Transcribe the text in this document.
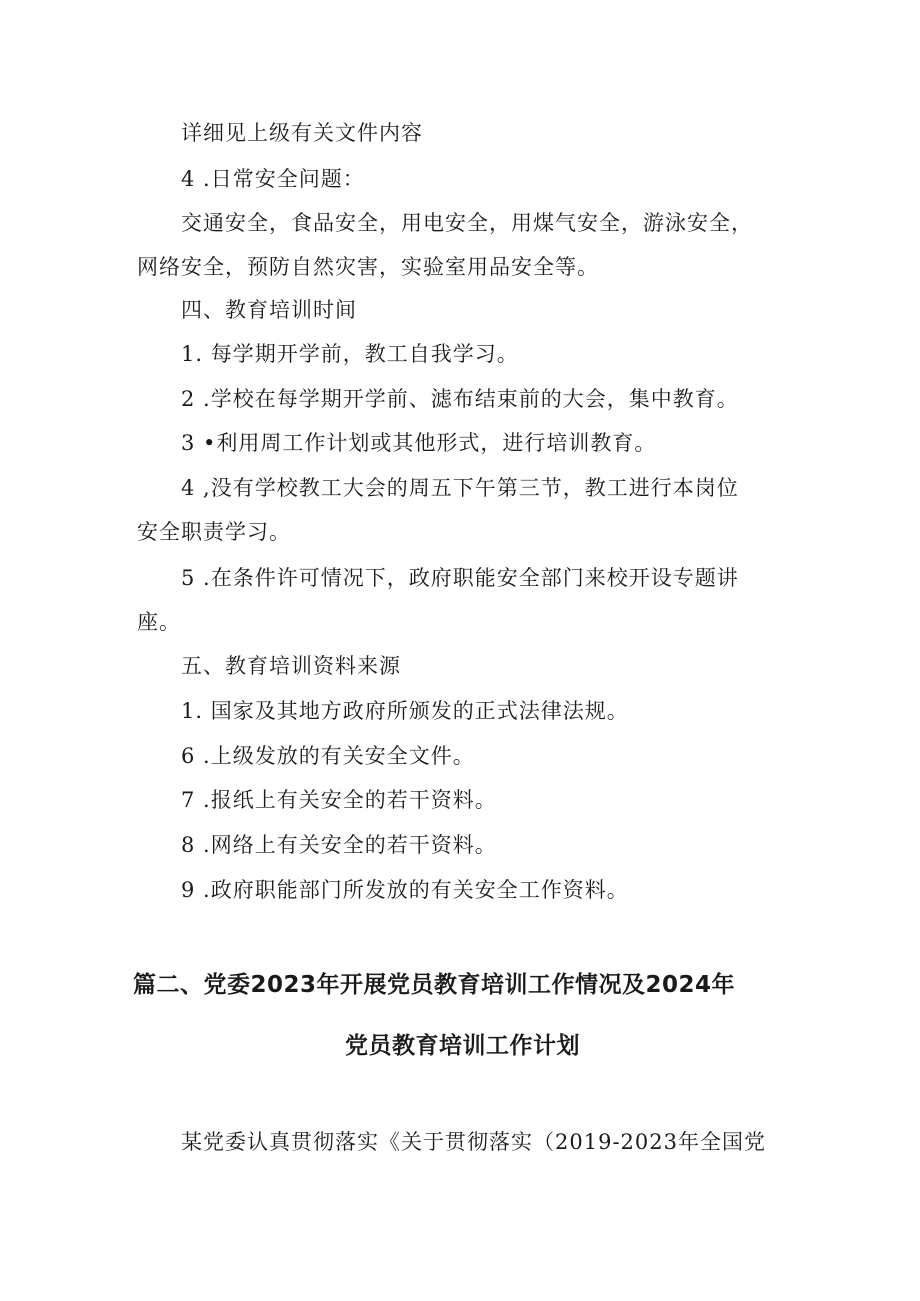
详细见上级有关文件内容
4 .日常安全问题：
交通安全，食品安全，用电安全，用煤气安全，游泳安全，
网络安全，预防自然灾害，实验室用品安全等。
四、教育培训时间
1. 每学期开学前，教工自我学习。
2 .学校在每学期开学前、滤布结束前的大会，集中教育。
3 •利用周工作计划或其他形式，进行培训教育。
4 ,没有学校教工大会的周五下午第三节，教工进行本岗位
安全职责学习。
5 .在条件许可情况下，政府职能安全部门来校开设专题讲
座。
五、教育培训资料来源
1. 国家及其地方政府所颁发的正式法律法规。
6 .上级发放的有关安全文件。
7 .报纸上有关安全的若干资料。
8 .网络上有关安全的若干资料。
9 .政府职能部门所发放的有关安全工作资料。
篇二、党委2023年开展党员教育培训工作情况及2024年
党员教育培训工作计划
某党委认真贯彻落实《关于贯彻落实（2019-2023年全国党
